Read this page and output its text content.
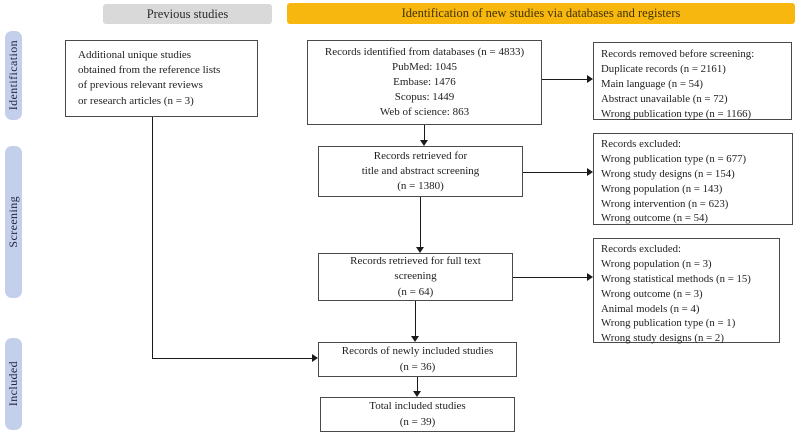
Previous studies	Identification of new studies via databases and registers
Identification
Screening
Included
Additional unique studies
obtained from the reference lists
of previous relevant reviews
or research articles (n = 3)
Records identified from databases (n = 4833)
PubMed: 1045
Embase: 1476
Scopus: 1449
Web of science: 863
Records removed before screening:
Duplicate records (n = 2161)
Main language (n = 54)
Abstract unavailable (n = 72)
Wrong publication type (n = 1166)
Records retrieved for
title and abstract screening
(n = 1380)
Records excluded:
Wrong publication type (n = 677)
Wrong study designs (n = 154)
Wrong population (n = 143)
Wrong intervention (n = 623)
Wrong outcome (n = 54)
Records retrieved for full text
screening
(n = 64)
Records excluded:
Wrong population (n = 3)
Wrong statistical methods (n = 15)
Wrong outcome (n = 3)
Animal models (n = 4)
Wrong publication type (n = 1)
Wrong study designs (n = 2)
Records of newly included studies
(n = 36)
Total included studies
(n = 39)
